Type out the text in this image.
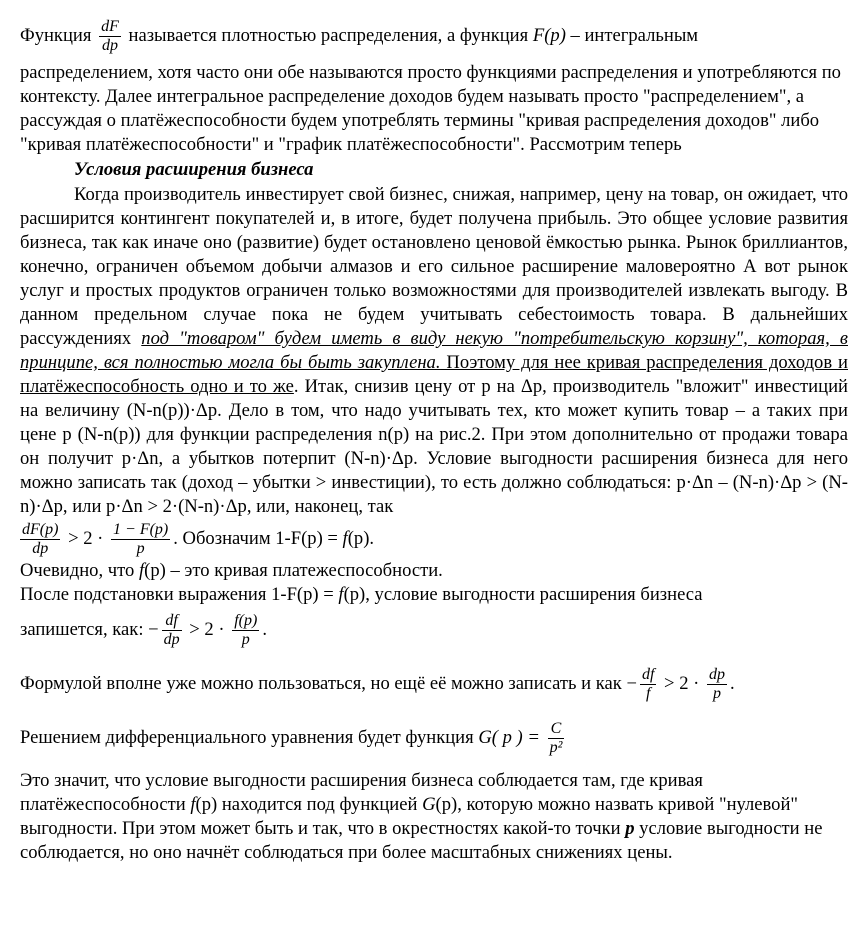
Функция $\frac{dF}{dp}$ называется плотностью распределения, а функция F(p) – интегральным

распределением, хотя часто они обе называются просто функциями распределения и употребляются по контексту. Далее интегральное распределение доходов будем называть просто "распределением", а рассуждая о платёжеспособности будем употреблять термины "кривая распределения доходов" либо "кривая платёжеспособности" и "график платёжеспособности". Рассмотрим теперь

Условия расширения бизнеса

Когда производитель инвестирует свой бизнес, снижая, например, цену на товар, он ожидает, что расширится контингент покупателей и, в итоге, будет получена прибыль. Это общее условие развития бизнеса, так как иначе оно (развитие) будет остановлено ценовой ёмкостью рынка. Рынок бриллиантов, конечно, ограничен объемом добычи алмазов и его сильное расширение маловероятно А вот рынок услуг и простых продуктов ограничен только возможностями для производителей извлекать выгоду. В данном предельном случае пока не будем учитывать себестоимость товара. В дальнейших рассуждениях под "товаром" будем иметь в виду некую "потребительскую корзину", которая, в принципе, вся полностью могла бы быть закуплена. Поэтому для нее кривая распределения доходов и платёжеспособность одно и то же. Итак, снизив цену от p на Δp, производитель "вложит" инвестиций на величину (N-n(p))·Δp. Дело в том, что надо учитывать тех, кто может купить товар – а таких при цене p (N-n(p)) для функции распределения n(p) на рис.2. При этом дополнительно от продажи товара он получит p·Δn, а убытков потерпит (N-n)·Δp. Условие выгодности расширения бизнеса для него можно записать так (доход – убытки > инвестиции), то есть должно соблюдаться: p·Δn – (N-n)·Δp > (N-n)·Δp, или p·Δn > 2·(N-n)·Δp, или, наконец, так

$\frac{dF(p)}{dp} > 2 \cdot \frac{1 - F(p)}{p}$ . Обозначим 1-F(p) = f(p).

Очевидно, что f(p) – это кривая платежеспособности.

После подстановки выражения 1-F(p) = f(p), условие выгодности расширения бизнеса

запишется, как: − $\frac{df}{dp} > 2 \cdot \frac{f(p)}{p}$ .

Формулой вполне уже можно пользоваться, но ещё её можно записать и как − $\frac{df}{f} > 2 \cdot \frac{dp}{p}$ .

Решением дифференциального уравнения будет функция G( p ) = $\frac{C}{\text{p²}}$

Это значит, что условие выгодности расширения бизнеса соблюдается там, где кривая платёжеспособности f(p) находится под функцией G(p), которую можно назвать кривой "нулевой" выгодности. При этом может быть и так, что в окрестностях какой-то точки p условие выгодности не соблюдается, но оно начнёт соблюдаться при более масштабных снижениях цены.
